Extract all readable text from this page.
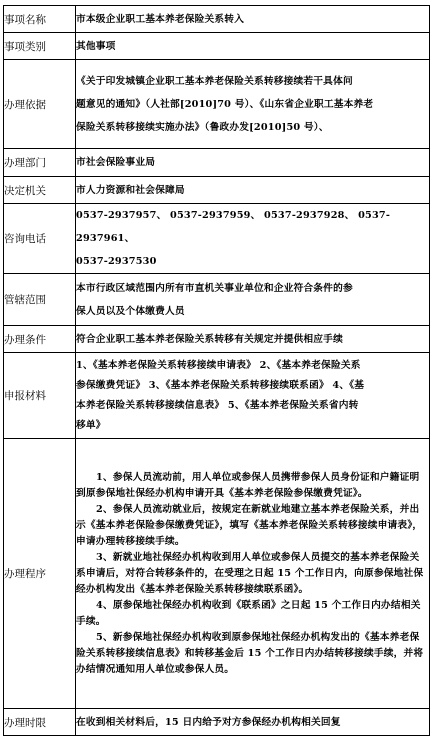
事项名称	市本级企业职工基本养老保险关系转入
事项类别	其他事项
办理依据	《关于印发城镇企业职工基本养老保险关系转移接续若干具体问
题意见的通知》（人社部[2010]70 号）、《山东省企业职工基本养老
保险关系转移接续实施办法》（鲁政办发[2010]50 号）、

办理部门	市社会保险事业局
决定机关	市人力资源和社会保障局
咨询电话	0537-2937957、 0537-2937959、 0537-2937928、 0537-2937961、
0537-2937530

管辖范围	本市行政区域范围内所有市直机关事业单位和企业符合条件的参
保人员以及个体缴费人员

办理条件	符合企业职工基本养老保险关系转移有关规定并提供相应手续
申报材料	1、《基本养老保险关系转移接续申请表》 2、《基本养老保险关系
参保缴费凭证》 3、《基本养老保险关系转移接续联系函》 4、《基
本养老保险关系转移接续信息表》 5、《基本养老保险关系省内转
移单》

办理程序	1、参保人员流动前，用人单位或参保人员携带参保人员身份证和户籍证明到原参保地社保经办机构申请开具《基本养老保险参保缴费凭证》。
2、参保人员流动就业后，按规定在新就业地建立基本养老保险关系，并出示《基本养老保险参保缴费凭证》，填写《基本养老保险关系转移接续申请表》，申请办理转移接续手续。
3、新就业地社保经办机构收到用人单位或参保人员提交的基本养老保险关系申请后，对符合转移条件的，在受理之日起 15 个工作日内，向原参保地社保经办机构发出《基本养老保险关系转移接续联系函》。
4、原参保地社保经办机构收到《联系函》之日起 15 个工作日内办结相关手续。
5、新参保地社保经办机构收到原参保地社保经办机构发出的《基本养老保险关系转移接续信息表》和转移基金后 15 个工作日内办结转移接续手续，并将办结情况通知用人单位或参保人员。

办理时限	在收到相关材料后，15 日内给予对方参保经办机构相关回复
